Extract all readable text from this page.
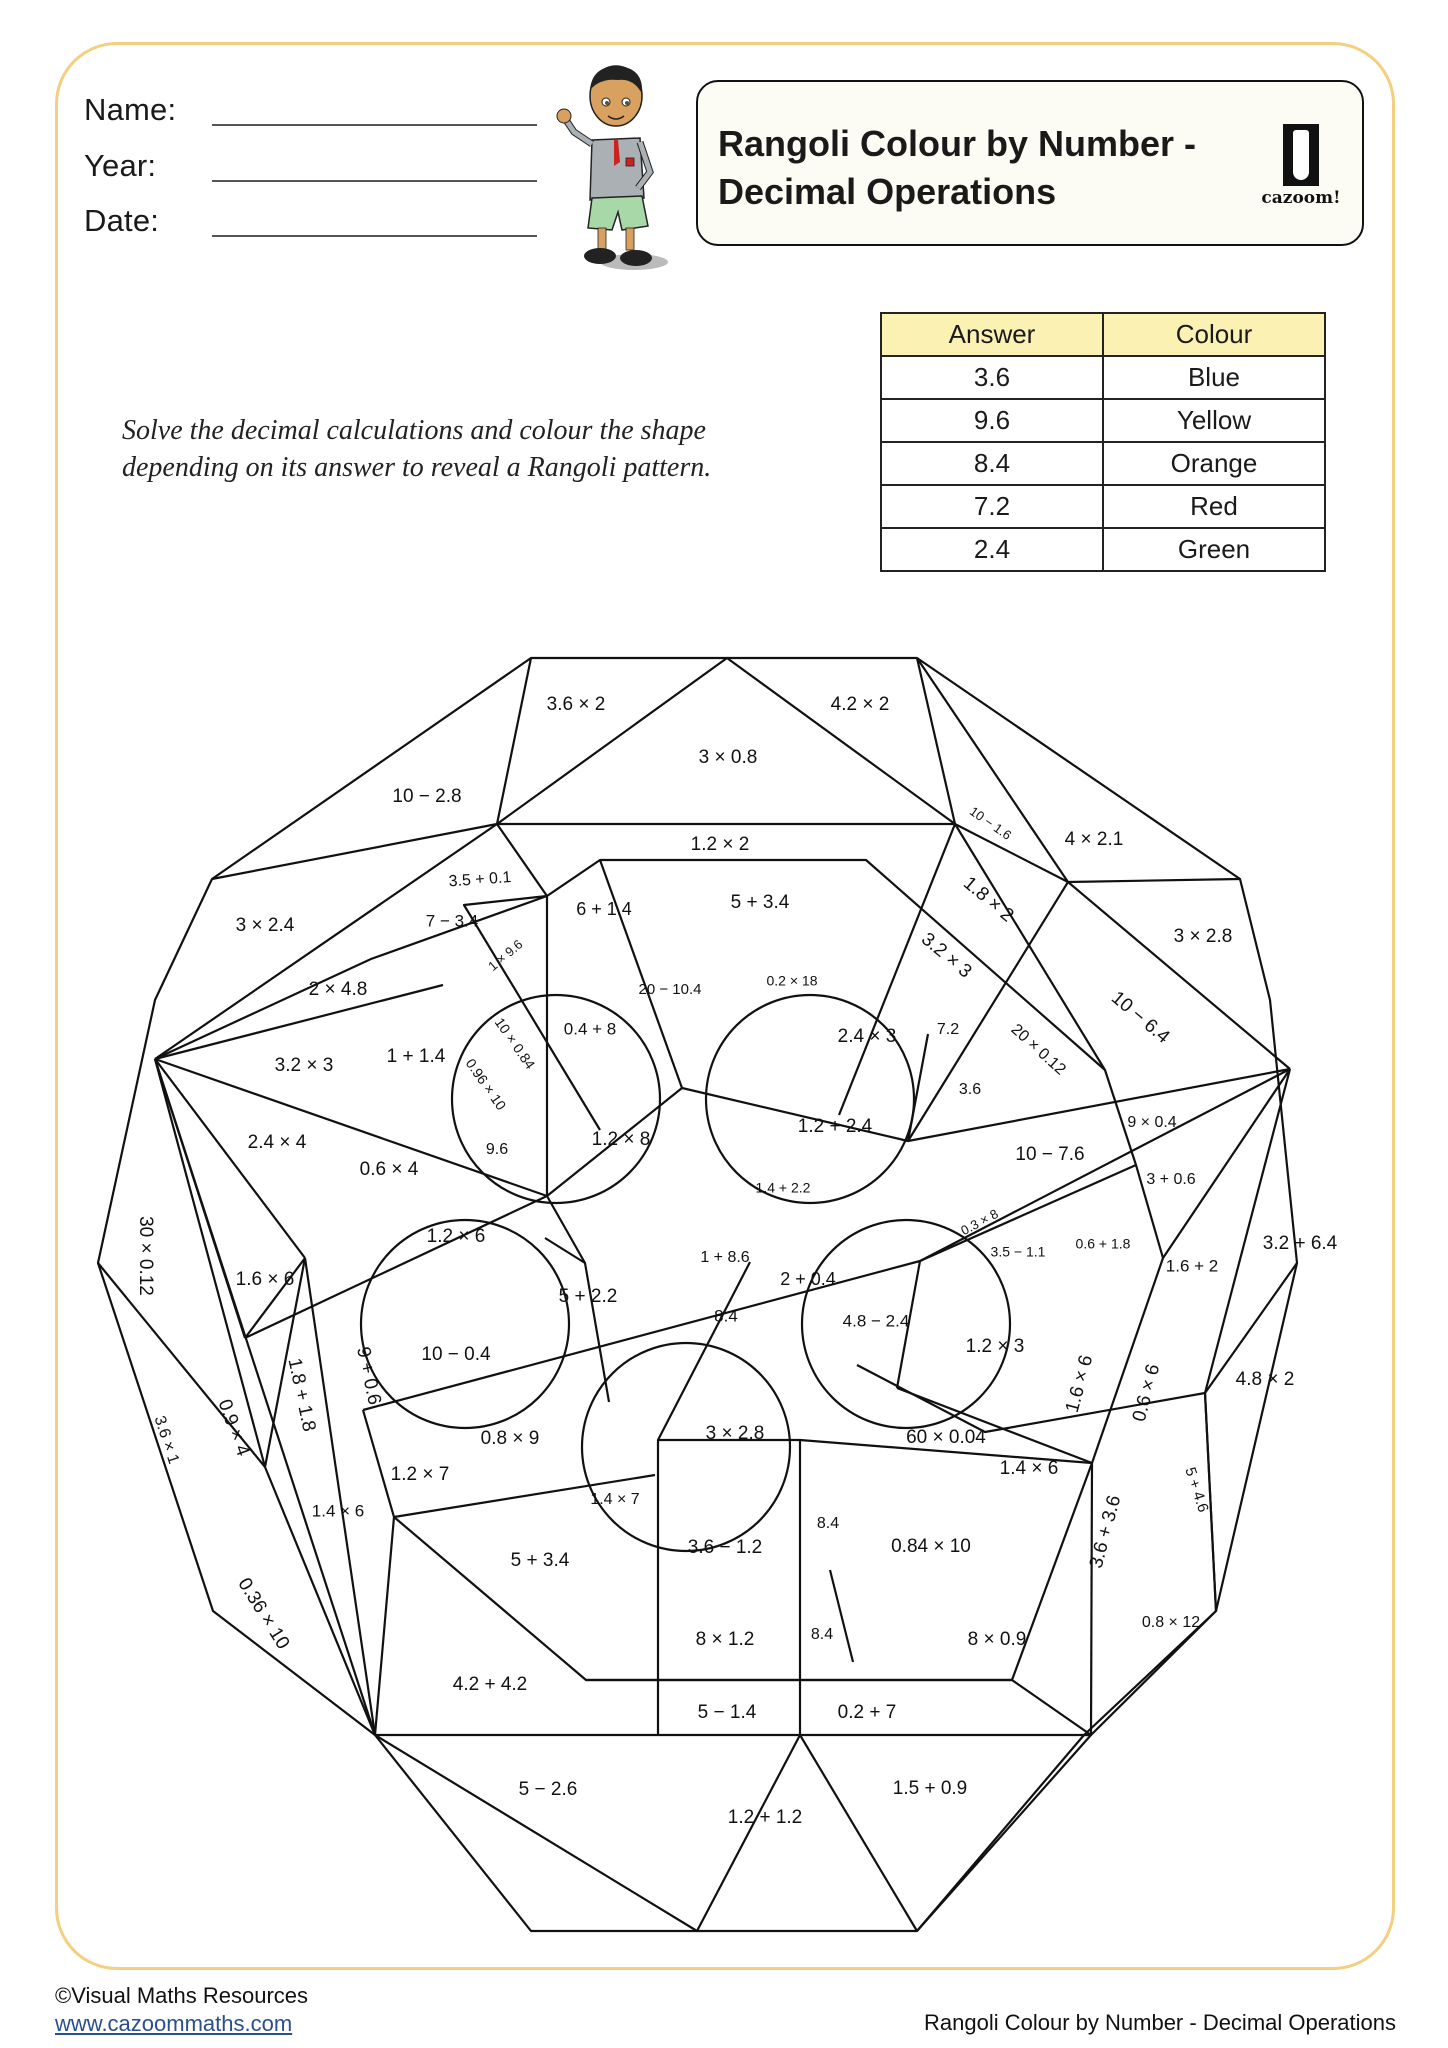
Name:
Year:
Date:
Rangoli Colour by Number -
Decimal Operations	cazoom!
Solve the decimal calculations and colour the shape
depending on its answer to reveal a Rangoli pattern.
Answer	Colour
3.6	Blue
9.6	Yellow
8.4	Orange
7.2	Red
2.4	Green
3.6 × 2	4.2 × 2
3 × 0.8
10 − 2.8
1.2 × 2
10 − 1.6	4 × 2.1
3.5 + 0.1
6 + 1.4	5 + 3.4	1.8 × 2
3 × 2.4	7 − 3.4
3 × 2.8
3.2 × 3
1 × 9.6
20 − 10.4
0.2 × 18
10 − 6.4
2 × 4.8
10 × 0.84 0.4 + 8	2.4 × 3	7.2	20 × 0.12
3.2 × 3	1 + 1.4 0.96 × 10	3.6
1.2 + 2.4	9 × 0.4
2.4 × 4	1.2 × 8
9.6	10 − 7.6
0.6 × 4	3 + 0.6
1.4 + 2.2
0.3 × 8
30 × 0.12	1.2 × 6	0.6 + 1.8
3.5 − 1.1	3.2 + 6.4
1 + 8.6
1.6 × 6	2 + 0.4
1.6 + 2
5 + 2.2
8.4	4.8 − 2.4
1.8 + 1.8 9 + 0.6 10 − 0.4	1.2 × 3
1.6 × 6 0.6 × 6	4.8 × 2
0.9 × 4
3.6 × 1	0.8 × 9	3 × 2.8	60 × 0.04
1.2 × 7	1.4 × 6	5 + 4.6
1.4 × 6
1.4 × 7
8.4
3.6 − 1.2	0.84 × 10	3.6 + 3.6
5 + 3.4
0.36 × 10	0.8 × 12
8 × 1.2	8.4	8 × 0.9
4.2 + 4.2
5 − 1.4	0.2 + 7
5 − 2.6	1.5 + 0.9
1.2 + 1.2
©Visual Maths Resources
www.cazoommaths.com	Rangoli Colour by Number - Decimal Operations
